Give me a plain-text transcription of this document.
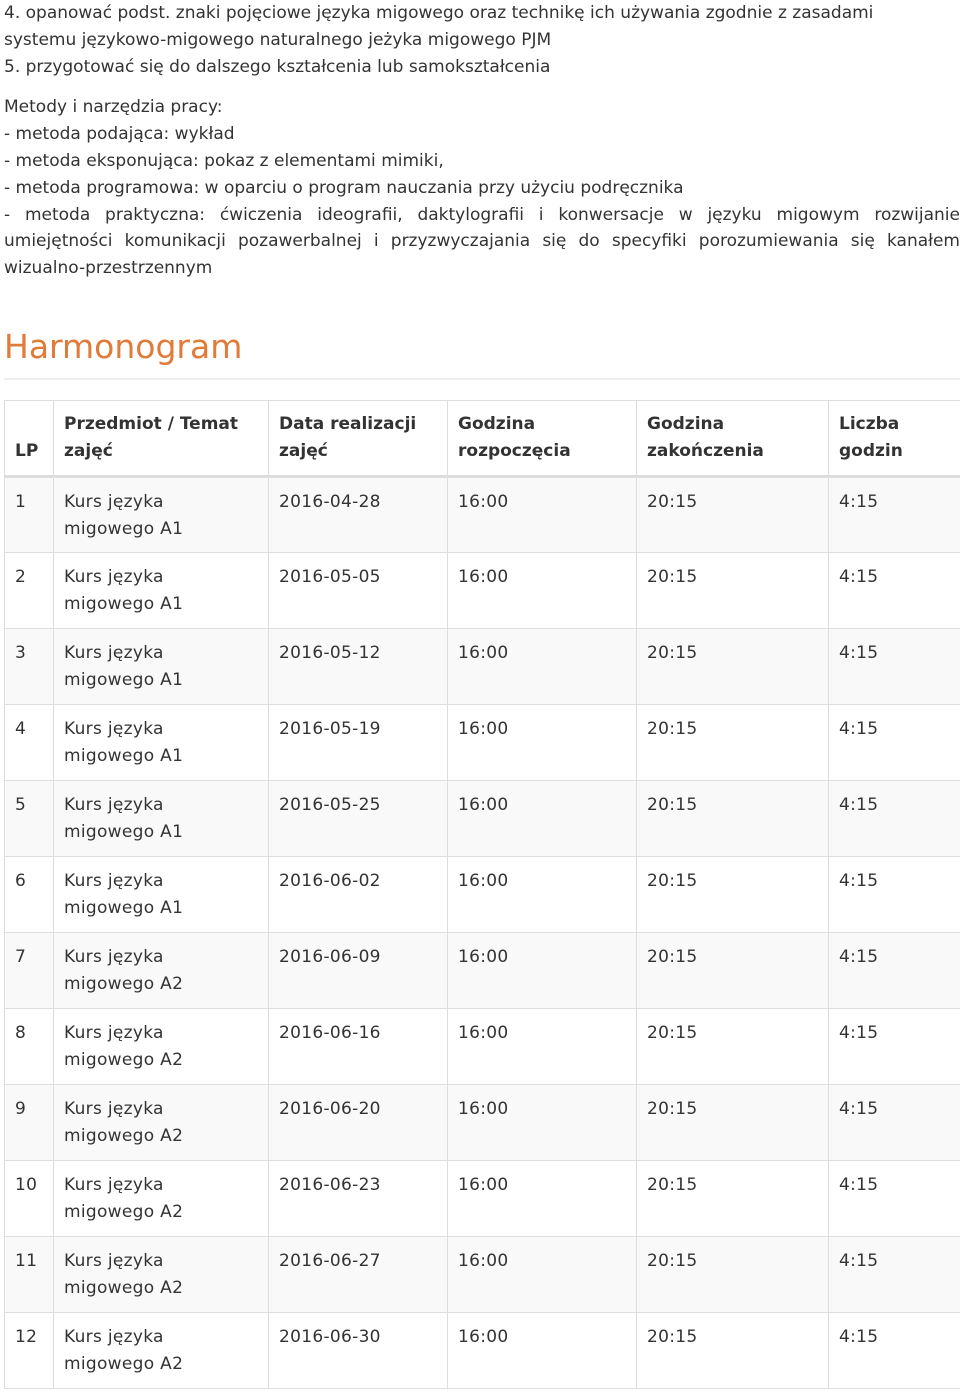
4. opanować podst. znaki pojęciowe języka migowego oraz technikę ich używania zgodnie z zasadami
systemu językowo-migowego naturalnego jeżyka migowego PJM
5. przygotować się do dalszego kształcenia lub samokształcenia
Metody i narzędzia pracy:
- metoda podająca: wykład
- metoda eksponująca: pokaz z elementami mimiki,
- metoda programowa: w oparciu o program nauczania przy użyciu podręcznika
- metoda praktyczna: ćwiczenia ideografii, daktylografii i konwersacje w języku migowym rozwijanie
umiejętności komunikacji pozawerbalnej i przyzwyczajania się do specyfiki porozumiewania się kanałem
wizualno-przestrzennym
Harmonogram
LP	Przedmiot / Temat zajęć	Data realizacji zajęć	Godzina rozpoczęcia	Godzina zakończenia	Liczba godzin
1	Kurs języka migowego A1	2016-04-28	16:00	20:15	4:15
2	Kurs języka migowego A1	2016-05-05	16:00	20:15	4:15
3	Kurs języka migowego A1	2016-05-12	16:00	20:15	4:15
4	Kurs języka migowego A1	2016-05-19	16:00	20:15	4:15
5	Kurs języka migowego A1	2016-05-25	16:00	20:15	4:15
6	Kurs języka migowego A1	2016-06-02	16:00	20:15	4:15
7	Kurs języka migowego A2	2016-06-09	16:00	20:15	4:15
8	Kurs języka migowego A2	2016-06-16	16:00	20:15	4:15
9	Kurs języka migowego A2	2016-06-20	16:00	20:15	4:15
10	Kurs języka migowego A2	2016-06-23	16:00	20:15	4:15
11	Kurs języka migowego A2	2016-06-27	16:00	20:15	4:15
12	Kurs języka migowego A2	2016-06-30	16:00	20:15	4:15
